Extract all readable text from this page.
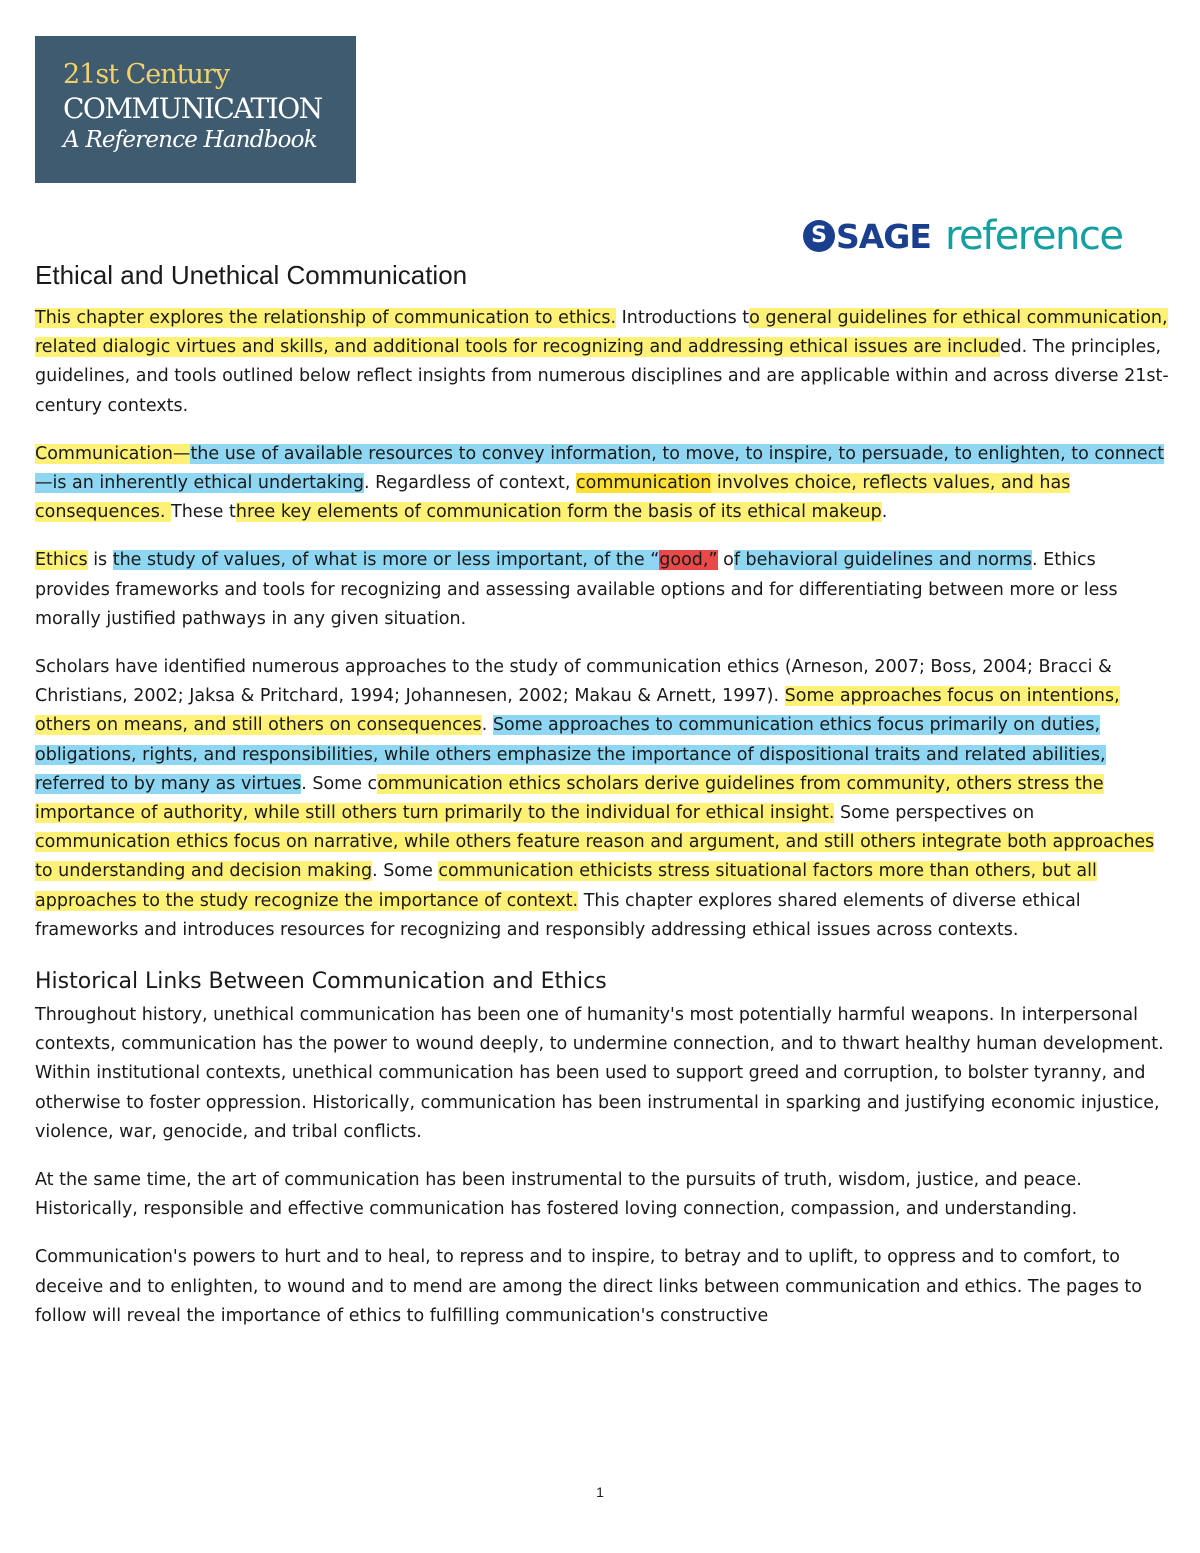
21st Century
COMMUNICATION
A Reference Handbook
S SAGE reference
Ethical and Unethical Communication

This chapter explores the relationship of communication to ethics. Introductions to general guidelines for ethical communication, related dialogic virtues and skills, and additional tools for recognizing and addressing ethical issues are included. The principles, guidelines, and tools outlined below reflect insights from numerous disciplines and are applicable within and across diverse 21st-century contexts.

Communication—the use of available resources to convey information, to move, to inspire, to persuade, to enlighten, to connect—is an inherently ethical undertaking. Regardless of context, communication involves choice, reflects values, and has consequences. These three key elements of communication form the basis of its ethical makeup.

Ethics is the study of values, of what is more or less important, of the “good,” of behavioral guidelines and norms. Ethics provides frameworks and tools for recognizing and assessing available options and for differentiating between more or less morally justified pathways in any given situation.

Scholars have identified numerous approaches to the study of communication ethics (Arneson, 2007; Boss, 2004; Bracci & Christians, 2002; Jaksa & Pritchard, 1994; Johannesen, 2002; Makau & Arnett, 1997). Some approaches focus on intentions, others on means, and still others on consequences. Some approaches to communication ethics focus primarily on duties, obligations, rights, and responsibilities, while others emphasize the importance of dispositional traits and related abilities, referred to by many as virtues. Some communication ethics scholars derive guidelines from community, others stress the importance of authority, while still others turn primarily to the individual for ethical insight. Some perspectives on communication ethics focus on narrative, while others feature reason and argument, and still others integrate both approaches to understanding and decision making. Some communication ethicists stress situational factors more than others, but all approaches to the study recognize the importance of context. This chapter explores shared elements of diverse ethical frameworks and introduces resources for recognizing and responsibly addressing ethical issues across contexts.

Historical Links Between Communication and Ethics

Throughout history, unethical communication has been one of humanity's most potentially harmful weapons. In interpersonal contexts, communication has the power to wound deeply, to undermine connection, and to thwart healthy human development. Within institutional contexts, unethical communication has been used to support greed and corruption, to bolster tyranny, and otherwise to foster oppression. Historically, communication has been instrumental in sparking and justifying economic injustice, violence, war, genocide, and tribal conflicts.

At the same time, the art of communication has been instrumental to the pursuits of truth, wisdom, justice, and peace. Historically, responsible and effective communication has fostered loving connection, compassion, and understanding.

Communication's powers to hurt and to heal, to repress and to inspire, to betray and to uplift, to oppress and to comfort, to deceive and to enlighten, to wound and to mend are among the direct links between communication and ethics. The pages to follow will reveal the importance of ethics to fulfilling communication's constructive

1
